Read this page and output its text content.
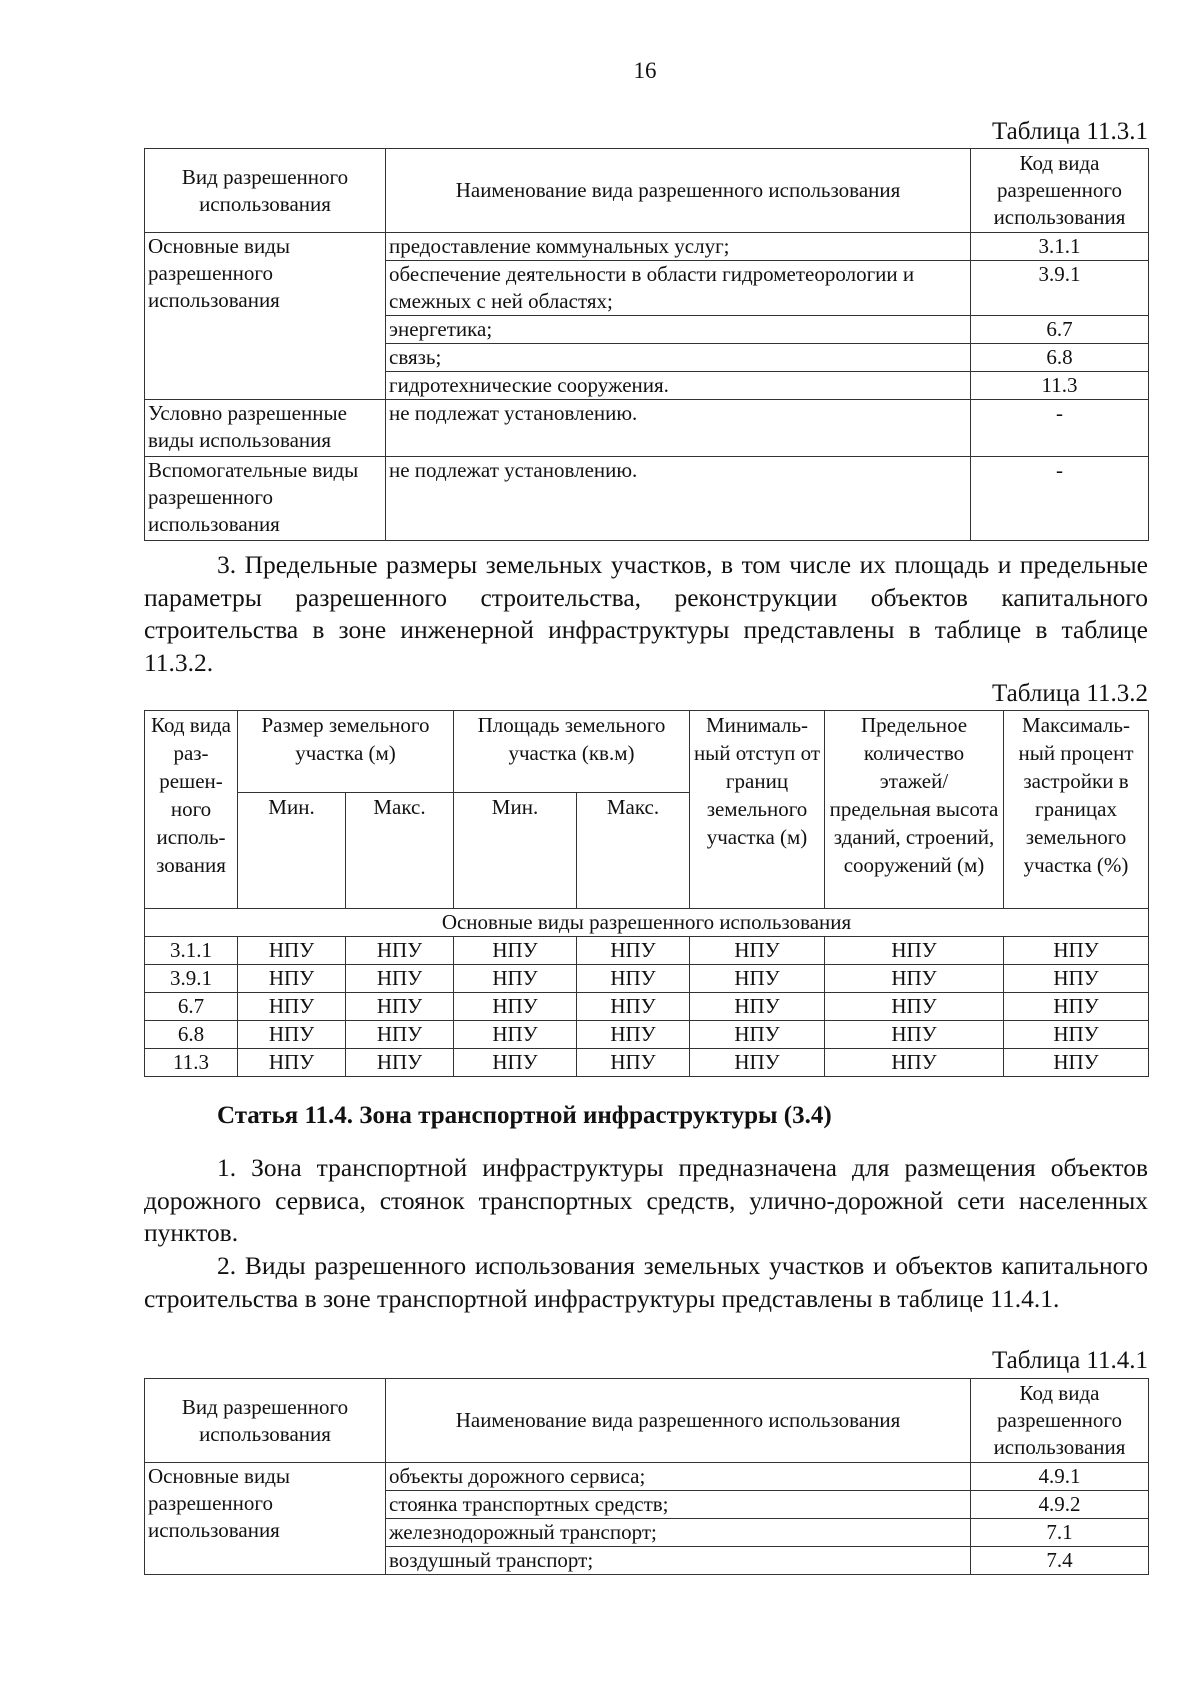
16
Таблица 11.3.1
Вид разрешенного использования	Наименование вида разрешенного использования	Код вида разрешенного использования
Основные виды разрешенного использования	предоставление коммунальных услуг;	3.1.1
	обеспечение деятельности в области гидрометеорологии и смежных с ней областях;	3.9.1
	энергетика;	6.7
	связь;	6.8
	гидротехнические сооружения.	11.3
Условно разрешенные виды использования	не подлежат установлению.	-
Вспомогательные виды разрешенного использования	не подлежат установлению.	-
3. Предельные размеры земельных участков, в том числе их площадь и предельные параметры разрешенного строительства, реконструкции объектов капитального строительства в зоне инженерной инфраструктуры представлены в таблице в таблице 11.3.2.
Таблица 11.3.2
Код вида раз-решен-ного исполь-зования	Размер земельного участка (м)		Площадь земельного участка (кв.м)		Минималь-ный отступ от границ земельного участка (м)	Предельное количество этажей/ предельная высота зданий, строений, сооружений (м)	Максималь-ный процент застройки в границах земельного участка (%)
	Мин.	Макс.	Мин.	Макс.			
Основные виды разрешенного использования							
3.1.1	НПУ	НПУ	НПУ	НПУ	НПУ	НПУ	НПУ
3.9.1	НПУ	НПУ	НПУ	НПУ	НПУ	НПУ	НПУ
6.7	НПУ	НПУ	НПУ	НПУ	НПУ	НПУ	НПУ
6.8	НПУ	НПУ	НПУ	НПУ	НПУ	НПУ	НПУ
11.3	НПУ	НПУ	НПУ	НПУ	НПУ	НПУ	НПУ
Статья 11.4. Зона транспортной инфраструктуры (3.4)
1. Зона транспортной инфраструктуры предназначена для размещения объектов дорожного сервиса, стоянок транспортных средств, улично-дорожной сети населенных пунктов.
2. Виды разрешенного использования земельных участков и объектов капитального строительства в зоне транспортной инфраструктуры представлены в таблице 11.4.1.
Таблица 11.4.1
Вид разрешенного использования	Наименование вида разрешенного использования	Код вида разрешенного использования
Основные виды разрешенного использования	объекты дорожного сервиса;	4.9.1
	стоянка транспортных средств;	4.9.2
	железнодорожный транспорт;	7.1
	воздушный транспорт;	7.4
